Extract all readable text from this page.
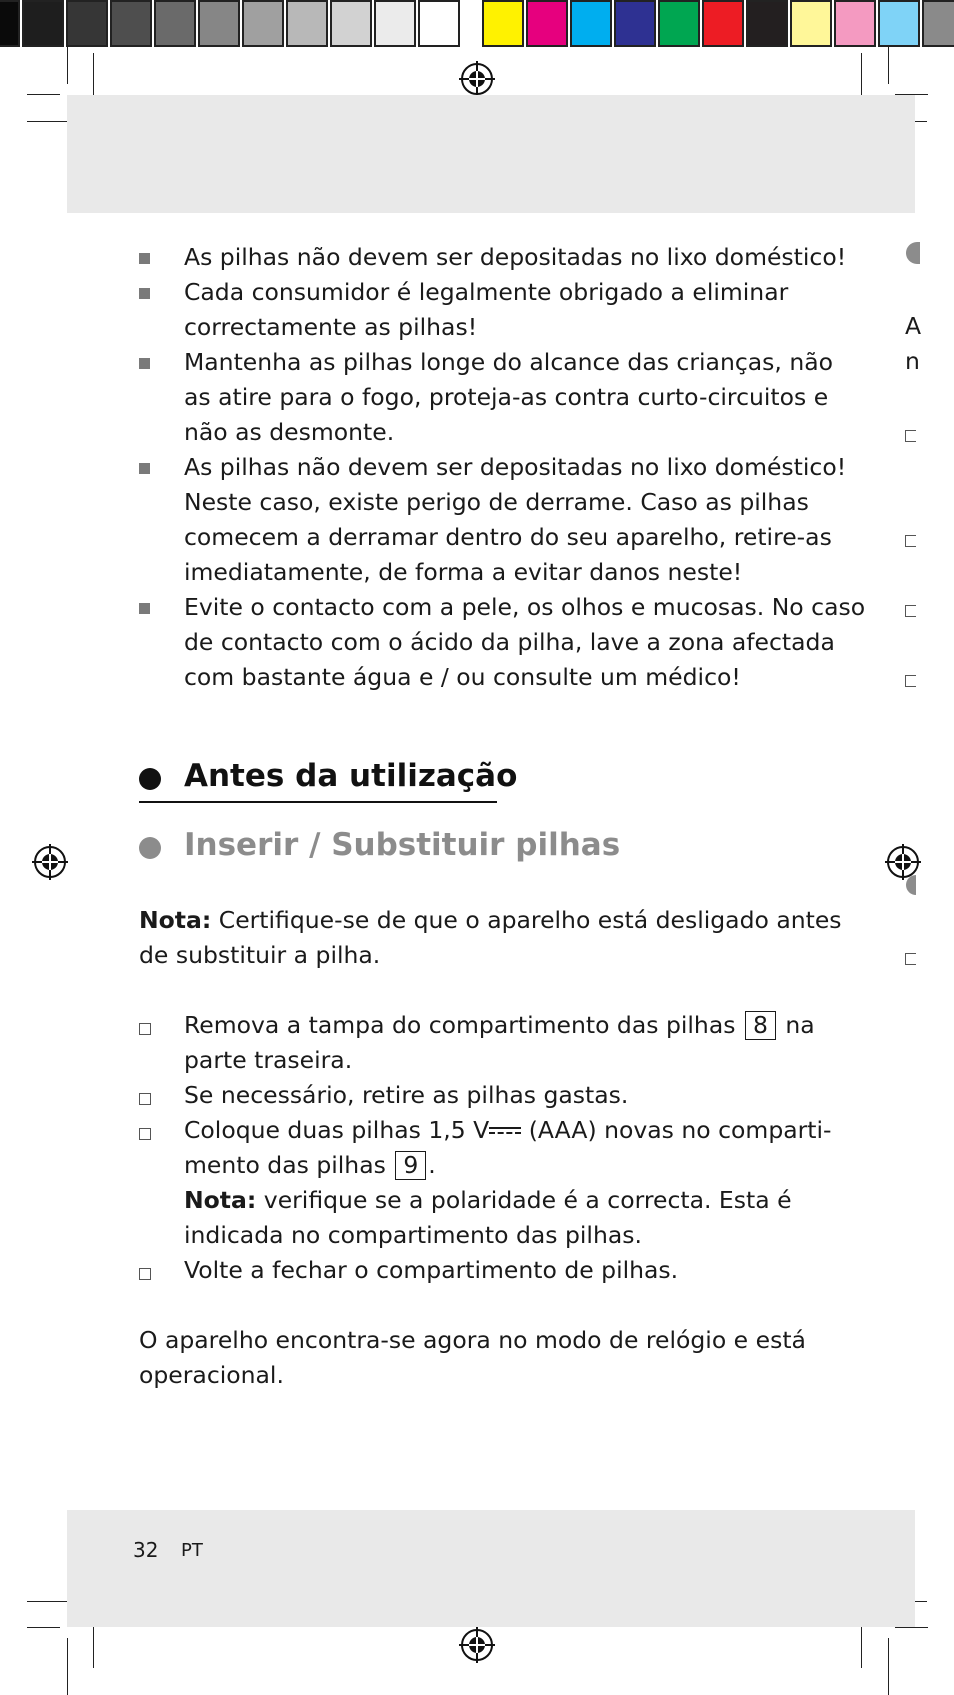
As pilhas não devem ser depositadas no lixo doméstico!
Cada consumidor é legalmente obrigado a eliminar
correctamente as pilhas!
Mantenha as pilhas longe do alcance das crianças, não
as atire para o fogo, proteja-as contra curto-circuitos e
não as desmonte.
As pilhas não devem ser depositadas no lixo doméstico!
Neste caso, existe perigo de derrame. Caso as pilhas
comecem a derramar dentro do seu aparelho, retire-as
imediatamente, de forma a evitar danos neste!
Evite o contacto com a pele, os olhos e mucosas. No caso
de contacto com o ácido da pilha, lave a zona afectada
com bastante água e / ou consulte um médico!
Antes da utilização
Inserir / Substituir pilhas
Nota: Certifique-se de que o aparelho está desligado antes
de substituir a pilha.
Remova a tampa do compartimento das pilhas 8 na
parte traseira.
Se necessário, retire as pilhas gastas.
Coloque duas pilhas 1,5 V (AAA) novas no comparti-
mento das pilhas 9 .
Nota: verifique se a polaridade é a correcta. Esta é
indicada no compartimento das pilhas.
Volte a fechar o compartimento de pilhas.
O aparelho encontra-se agora no modo de relógio e está
operacional.
32 PT
A
n
